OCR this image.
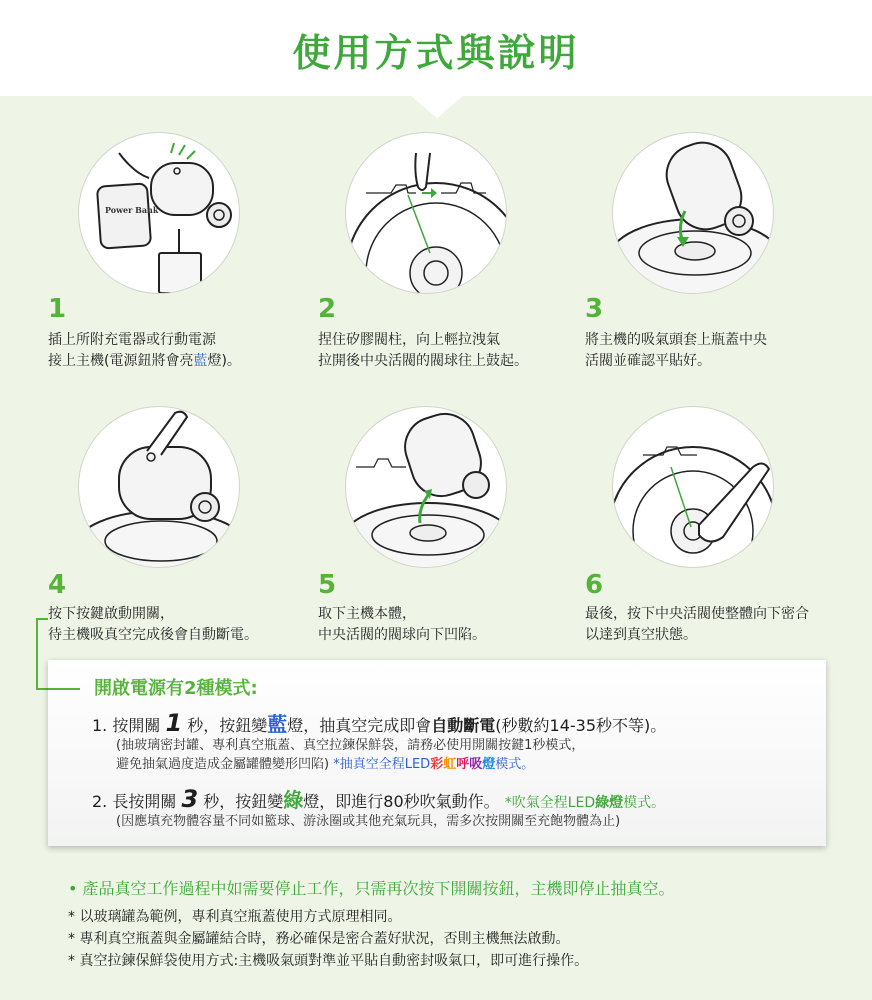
使用方式與說明
Power Bank
1
插上所附充電器或行動電源
接上主機(電源鈕將會亮藍燈)。
2
捏住矽膠閥柱，向上輕拉洩氣
拉開後中央活閥的閥球往上鼓起。
3
將主機的吸氣頭套上瓶蓋中央
活閥並確認平貼好。
4
按下按鍵啟動開關，
待主機吸真空完成後會自動斷電。
5
取下主機本體，
中央活閥的閥球向下凹陷。
6
最後，按下中央活閥使整體向下密合
以達到真空狀態。
開啟電源有2種模式:
1. 按開關 1 秒，按鈕變藍燈，抽真空完成即會自動斷電(秒數約14-35秒不等)。
(抽玻璃密封罐、專利真空瓶蓋、真空拉鍊保鮮袋，請務必使用開關按鍵1秒模式，
避免抽氣過度造成金屬罐體變形凹陷) *抽真空全程LED彩虹呼吸燈模式。
2. 長按開關 3 秒，按鈕變綠燈，即進行80秒吹氣動作。 *吹氣全程LED綠燈模式。
(因應填充物體容量不同如籃球、游泳圈或其他充氣玩具，需多次按開關至充飽物體為止)
• 產品真空工作過程中如需要停止工作，只需再次按下開關按鈕，主機即停止抽真空。
* 以玻璃罐為範例，專利真空瓶蓋使用方式原理相同。
* 專利真空瓶蓋與金屬罐結合時，務必確保是密合蓋好狀況，否則主機無法啟動。
* 真空拉鍊保鮮袋使用方式:主機吸氣頭對準並平貼自動密封吸氣口，即可進行操作。
